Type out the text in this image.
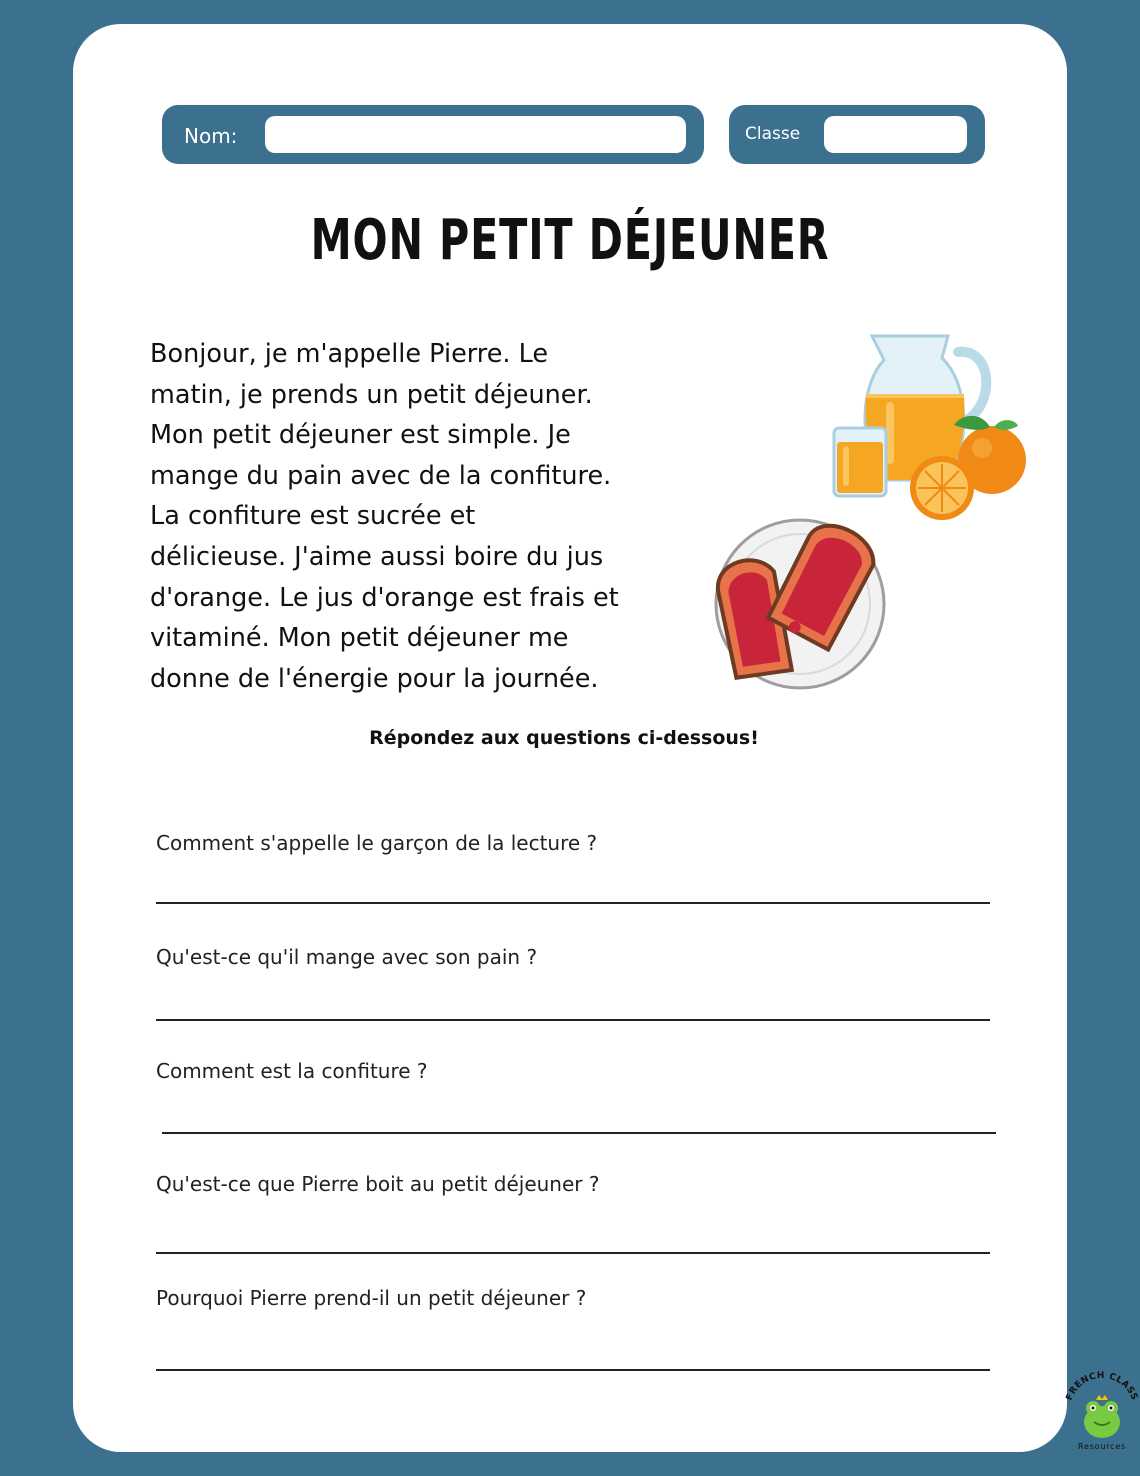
Nom:	Classe
MON PETIT DÉJEUNER
Bonjour, je m'appelle Pierre. Le
matin, je prends un petit déjeuner.
Mon petit déjeuner est simple. Je
mange du pain avec de la confiture.
La confiture est sucrée et
délicieuse. J'aime aussi boire du jus
d'orange. Le jus d'orange est frais et
vitaminé. Mon petit déjeuner me
donne de l'énergie pour la journée.
Répondez aux questions ci-dessous!
Comment s'appelle le garçon de la lecture ?
Qu'est-ce qu'il mange avec son pain ?
Comment est la confiture ?
Qu'est-ce que Pierre boit au petit déjeuner ?
Pourquoi Pierre prend-il un petit déjeuner ?
FRENCH CLASS
Resources
